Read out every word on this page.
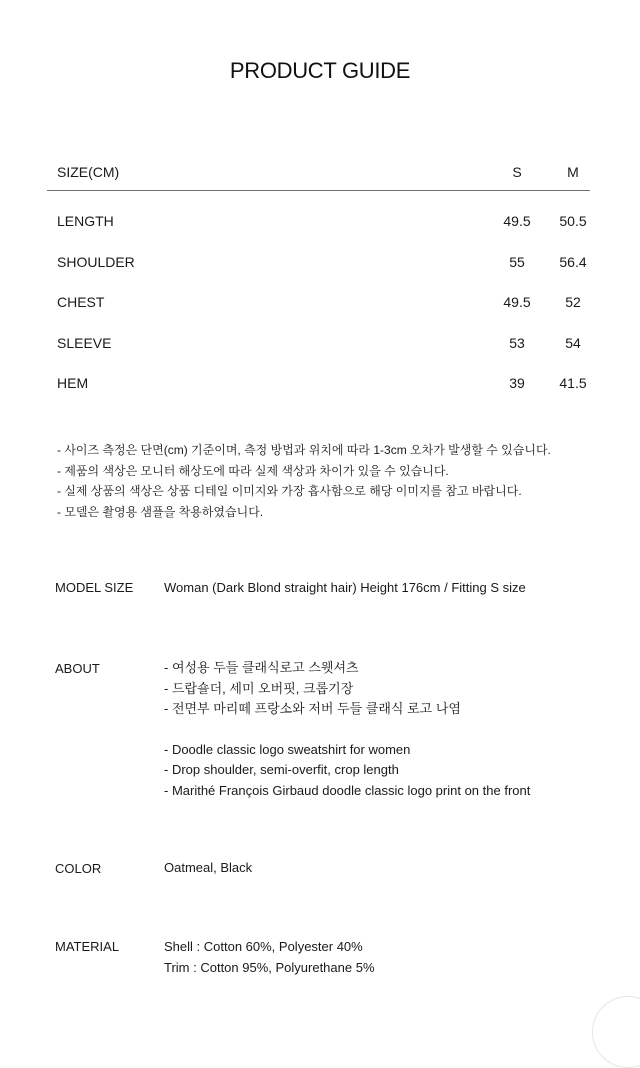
PRODUCT GUIDE
SIZE(CM)	S	M
LENGTH	49.5	50.5
SHOULDER	55	56.4
CHEST	49.5	52
SLEEVE	53	54
HEM	39	41.5
- 사이즈 측정은 단면(cm) 기준이며, 측정 방법과 위치에 따라 1-3cm 오차가 발생할 수 있습니다.
- 제품의 색상은 모니터 해상도에 따라 실제 색상과 차이가 있을 수 있습니다.
- 실제 상품의 색상은 상품 디테일 이미지와 가장 흡사함으로 해당 이미지를 참고 바랍니다.
- 모델은 촬영용 샘플을 착용하였습니다.
MODEL SIZE Woman (Dark Blond straight hair) Height 176cm / Fitting S size
ABOUT	- 여성용 두들 클래식로고 스웻셔츠
- 드랍숄더, 세미 오버핏, 크롭기장
- 전면부 마리떼 프랑소와 저버 두들 클래식 로고 나염
- Doodle classic logo sweatshirt for women
- Drop shoulder, semi-overfit, crop length
- Marithé François Girbaud doodle classic logo print on the front
COLOR	Oatmeal, Black
MATERIAL	Shell : Cotton 60%, Polyester 40%
Trim : Cotton 95%, Polyurethane 5%
